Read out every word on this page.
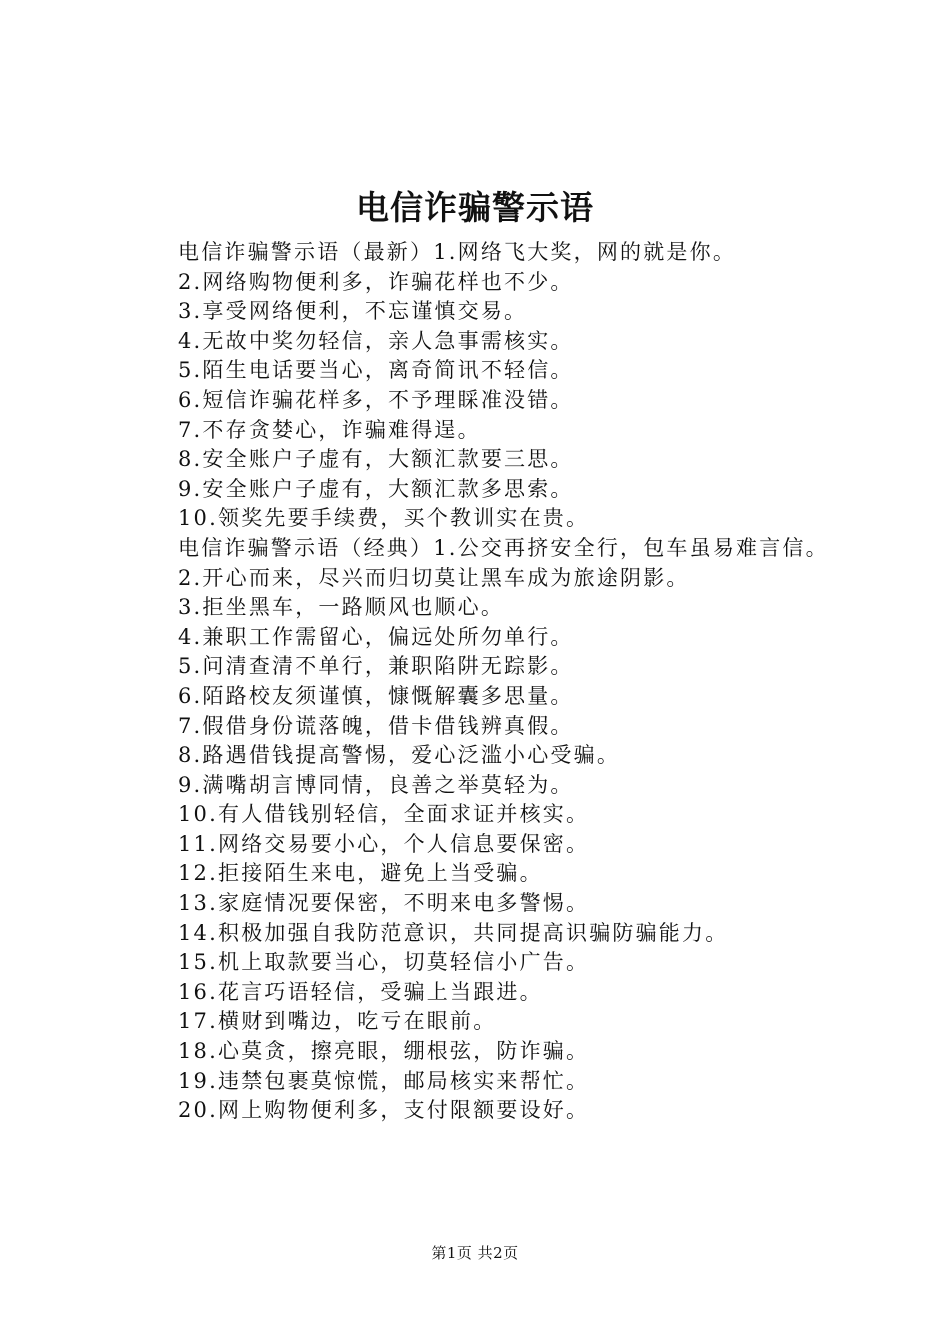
电信诈骗警示语
电信诈骗警示语（最新）1.网络飞大奖，网的就是你。
2.网络购物便利多，诈骗花样也不少。
3.享受网络便利，不忘谨慎交易。
4.无故中奖勿轻信，亲人急事需核实。
5.陌生电话要当心，离奇简讯不轻信。
6.短信诈骗花样多，不予理睬准没错。
7.不存贪婪心，诈骗难得逞。
8.安全账户子虚有，大额汇款要三思。
9.安全账户子虚有，大额汇款多思索。
10.领奖先要手续费，买个教训实在贵。
电信诈骗警示语（经典）1.公交再挤安全行，包车虽易难言信。
2.开心而来，尽兴而归切莫让黑车成为旅途阴影。
3.拒坐黑车，一路顺风也顺心。
4.兼职工作需留心，偏远处所勿单行。
5.问清查清不单行，兼职陷阱无踪影。
6.陌路校友须谨慎，慷慨解囊多思量。
7.假借身份谎落魄，借卡借钱辨真假。
8.路遇借钱提高警惕，爱心泛滥小心受骗。
9.满嘴胡言博同情，良善之举莫轻为。
10.有人借钱别轻信，全面求证并核实。
11.网络交易要小心，个人信息要保密。
12.拒接陌生来电，避免上当受骗。
13.家庭情况要保密，不明来电多警惕。
14.积极加强自我防范意识，共同提高识骗防骗能力。
15.机上取款要当心，切莫轻信小广告。
16.花言巧语轻信，受骗上当跟进。
17.横财到嘴边，吃亏在眼前。
18.心莫贪，擦亮眼，绷根弦，防诈骗。
19.违禁包裹莫惊慌，邮局核实来帮忙。
20.网上购物便利多，支付限额要设好。
第1页 共2页
